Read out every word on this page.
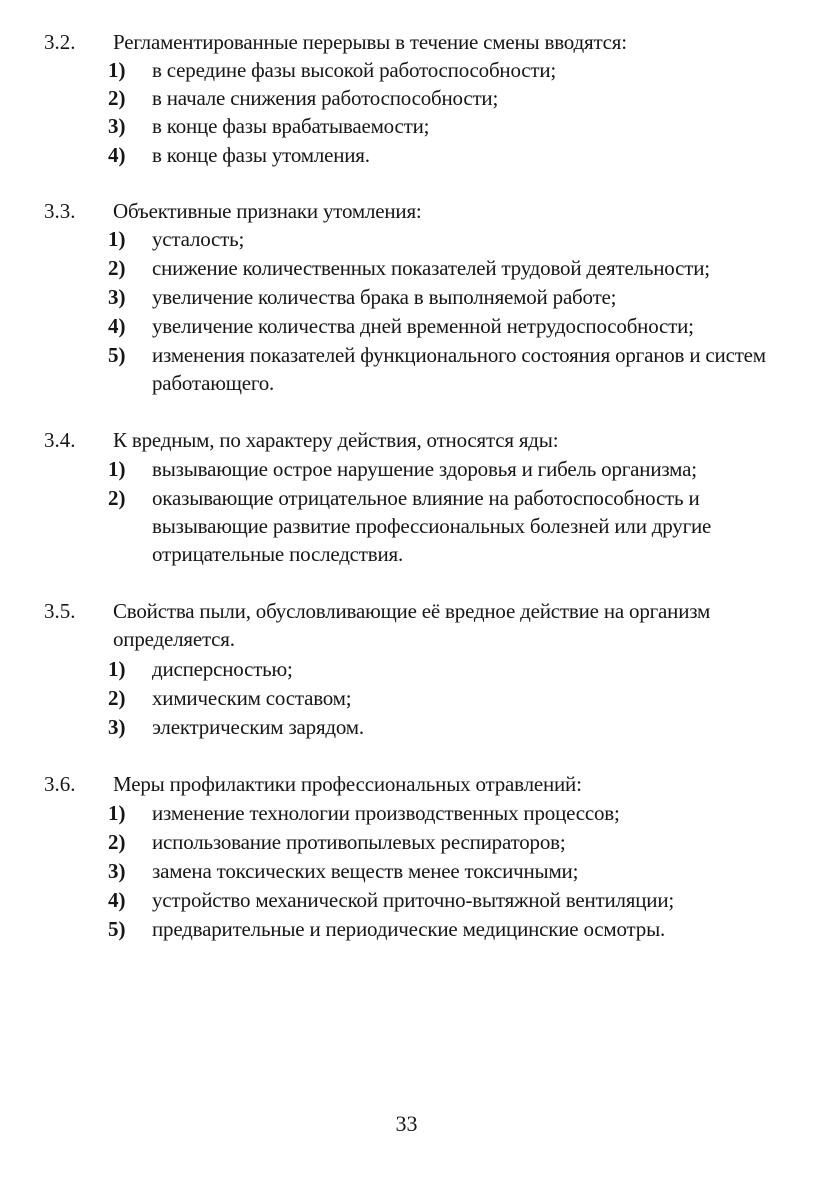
3.2. Регламентированные перерывы в течение смены вводятся:
1) в середине фазы высокой работоспособности;
2) в начале снижения работоспособности;
3) в конце фазы врабатываемости;
4) в конце фазы утомления.
3.3. Объективные признаки утомления:
1) усталость;
2) снижение количественных показателей трудовой деятельности;
3) увеличение количества брака в выполняемой работе;
4) увеличение количества дней временной нетрудоспособности;
5) изменения показателей функционального состояния органов и систем работающего.
3.4. К вредным, по характеру действия, относятся яды:
1) вызывающие острое нарушение здоровья и гибель организма;
2) оказывающие отрицательное влияние на работоспособность и вызывающие развитие профессиональных болезней или другие отрицательные последствия.
3.5. Свойства пыли, обусловливающие её вредное действие на организм определяется.
1) дисперсностью;
2) химическим составом;
3) электрическим зарядом.
3.6. Меры профилактики профессиональных отравлений:
1) изменение технологии производственных процессов;
2) использование противопылевых респираторов;
3) замена токсических веществ менее токсичными;
4) устройство механической приточно-вытяжной вентиляции;
5) предварительные и периодические медицинские осмотры.
33
